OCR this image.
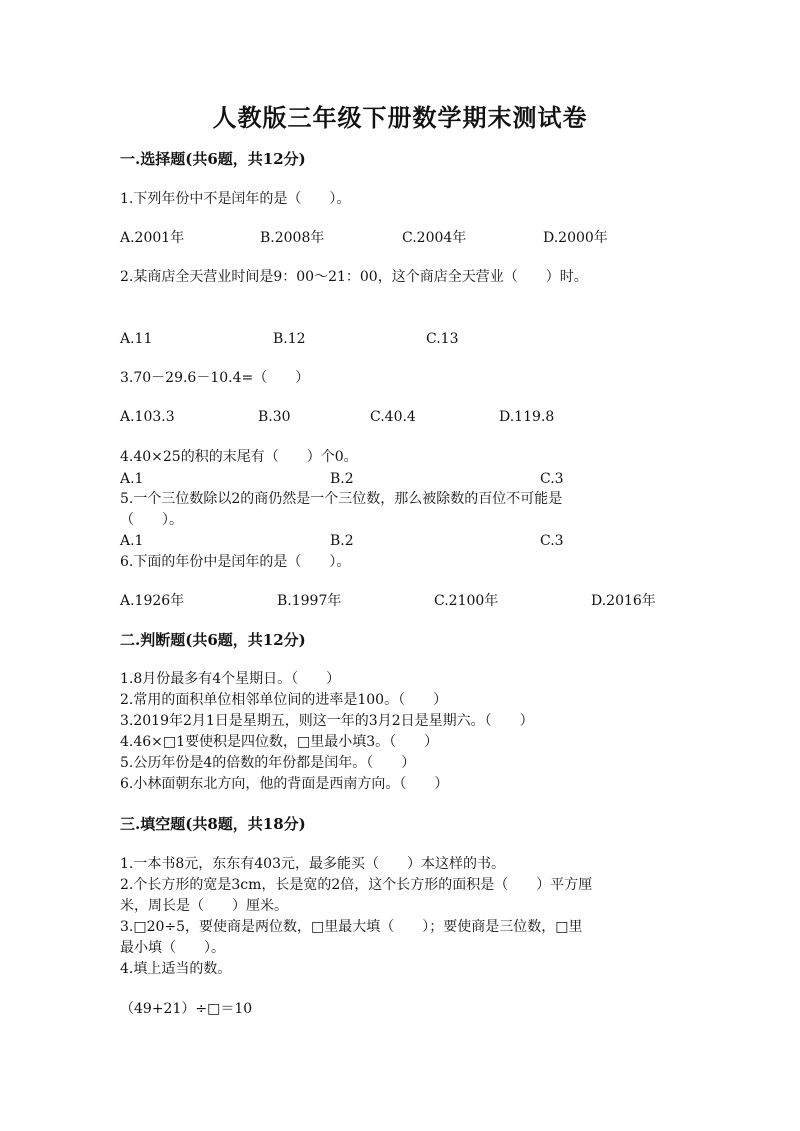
人教版三年级下册数学期末测试卷
一.选择题(共6题，共12分)
1.下列年份中不是闰年的是（　　）。
A.2001年	B.2008年	C.2004年	D.2000年
2.某商店全天营业时间是9：00～21：00，这个商店全天营业（　　）时。
A.11	B.12	C.13
3.70－29.6－10.4=（　　）
A.103.3	B.30	C.40.4	D.119.8
4.40×25的积的末尾有（　　）个0。
A.1	B.2	C.3
5.一个三位数除以2的商仍然是一个三位数，那么被除数的百位不可能是
（　　）。
A.1	B.2	C.3
6.下面的年份中是闰年的是（　　）。
A.1926年	B.1997年	C.2100年	D.2016年
二.判断题(共6题，共12分)
1.8月份最多有4个星期日。（　　）
2.常用的面积单位相邻单位间的进率是100。（　　）
3.2019年2月1日是星期五，则这一年的3月2日是星期六。（　　）
4.46×□1要使积是四位数，□里最小填3。（　　）
5.公历年份是4的倍数的年份都是闰年。（　　）
6.小林面朝东北方向，他的背面是西南方向。（　　）
三.填空题(共8题，共18分)
1.一本书8元，东东有403元，最多能买（　　）本这样的书。
2.个长方形的宽是3cm，长是宽的2倍，这个长方形的面积是（　　）平方厘
米，周长是（　　）厘米。
3.□20÷5，要使商是两位数，□里最大填（　　）；要使商是三位数，□里
最小填（　　）。
4.填上适当的数。
（49+21）÷□＝10
